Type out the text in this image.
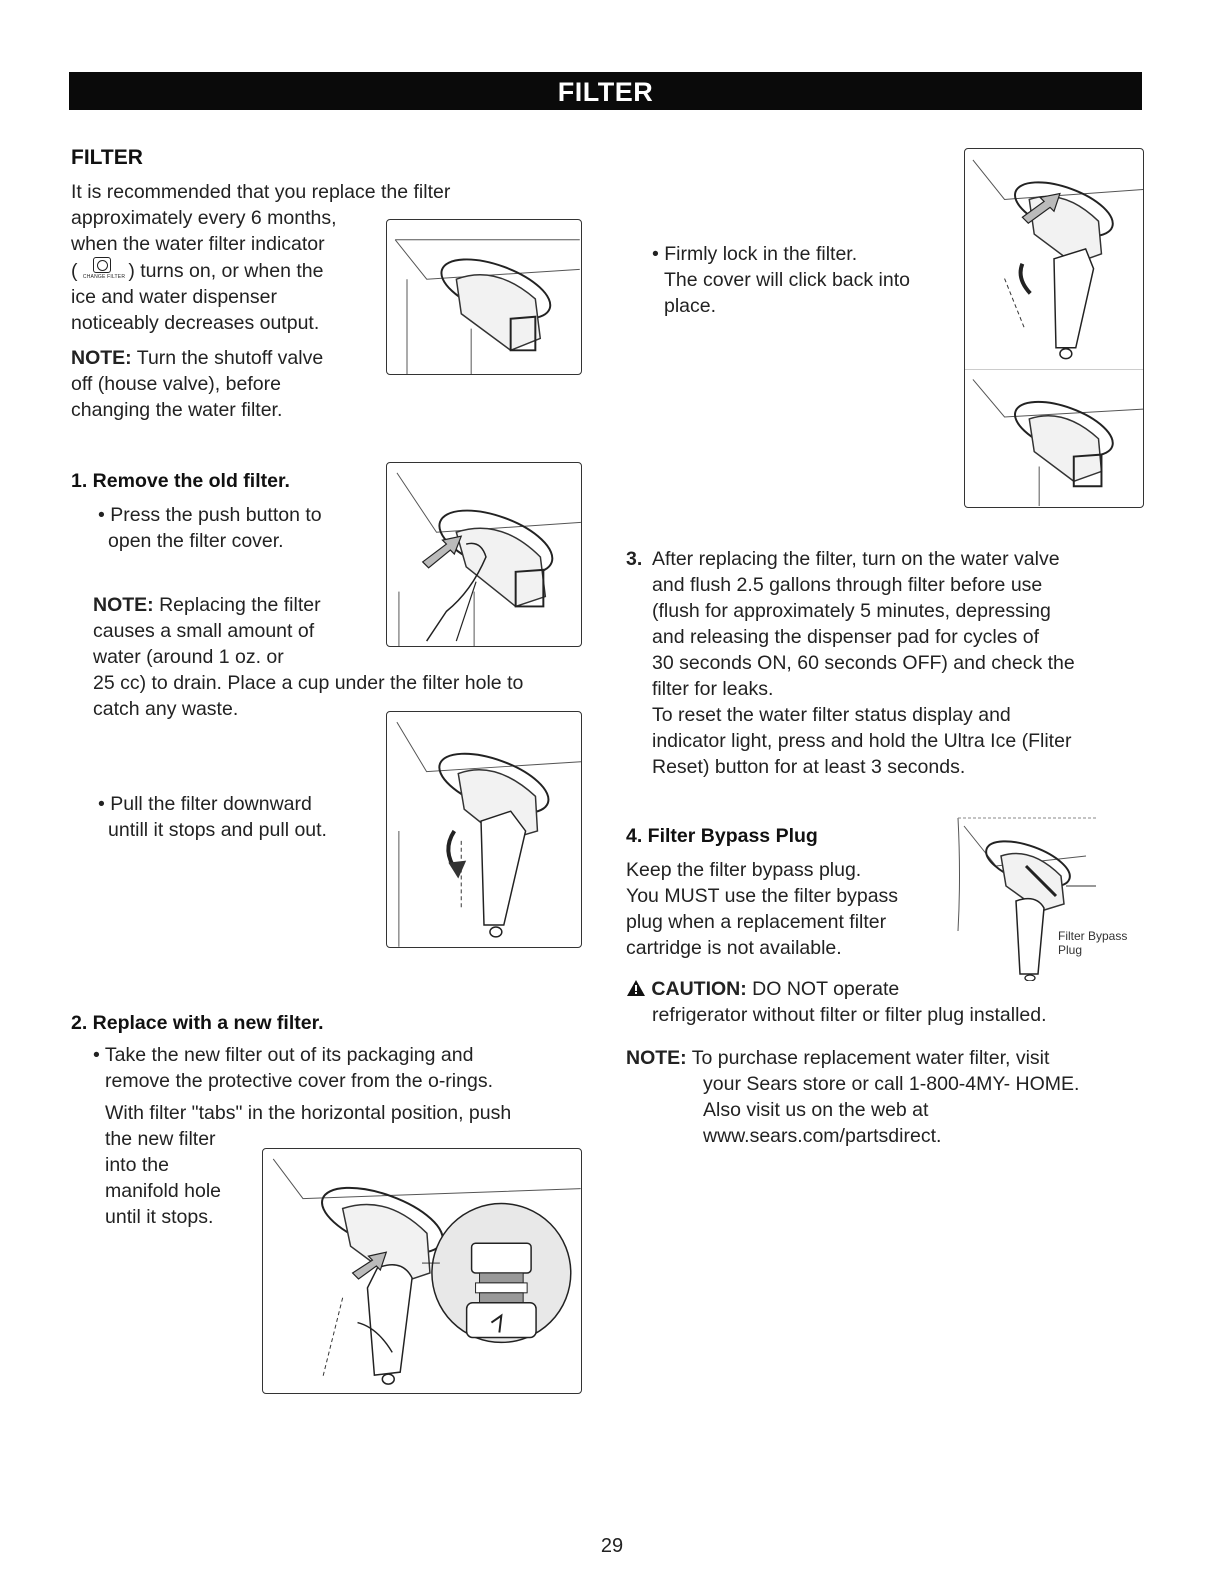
FILTER
FILTER
It is recommended that you replace the filter
approximately every 6 months,
when the water filter indicator
( CHANGE FILTER ) turns on, or when the
ice and water dispenser
noticeably decreases output.
NOTE: Turn the shutoff valve
off (house valve), before
changing the water filter.
1. Remove the old filter.
• Press the push button to
open the filter cover.
NOTE: Replacing the filter
causes a small amount of
water (around 1 oz. or
25 cc) to drain. Place a cup under the filter hole to
catch any waste.
• Pull the filter downward
untill it stops and pull out.
2. Replace with a new filter.
• Take the new filter out of its packaging and
remove the protective cover from the o-rings.
With filter "tabs" in the horizontal position, push
the new filter
into the
manifold hole
until it stops.
• Firmly lock in the filter.
The cover will click back into
place.
3. After replacing the filter, turn on the water valve
and flush 2.5 gallons through filter before use
(flush for approximately 5 minutes, depressing
and releasing the dispenser pad for cycles of
30 seconds ON, 60 seconds OFF) and check the
filter for leaks.
To reset the water filter status display and
indicator light, press and hold the Ultra Ice (Fliter
Reset) button for at least 3 seconds.
4. Filter Bypass Plug
Keep the filter bypass plug.
You MUST use the filter bypass
plug when a replacement filter
cartridge is not available.
Filter Bypass
Plug
CAUTION: DO NOT operate
refrigerator without filter or filter plug installed.
NOTE: To purchase replacement water filter, visit
your Sears store or call 1-800-4MY- HOME.
Also visit us on the web at
www.sears.com/partsdirect.
29
